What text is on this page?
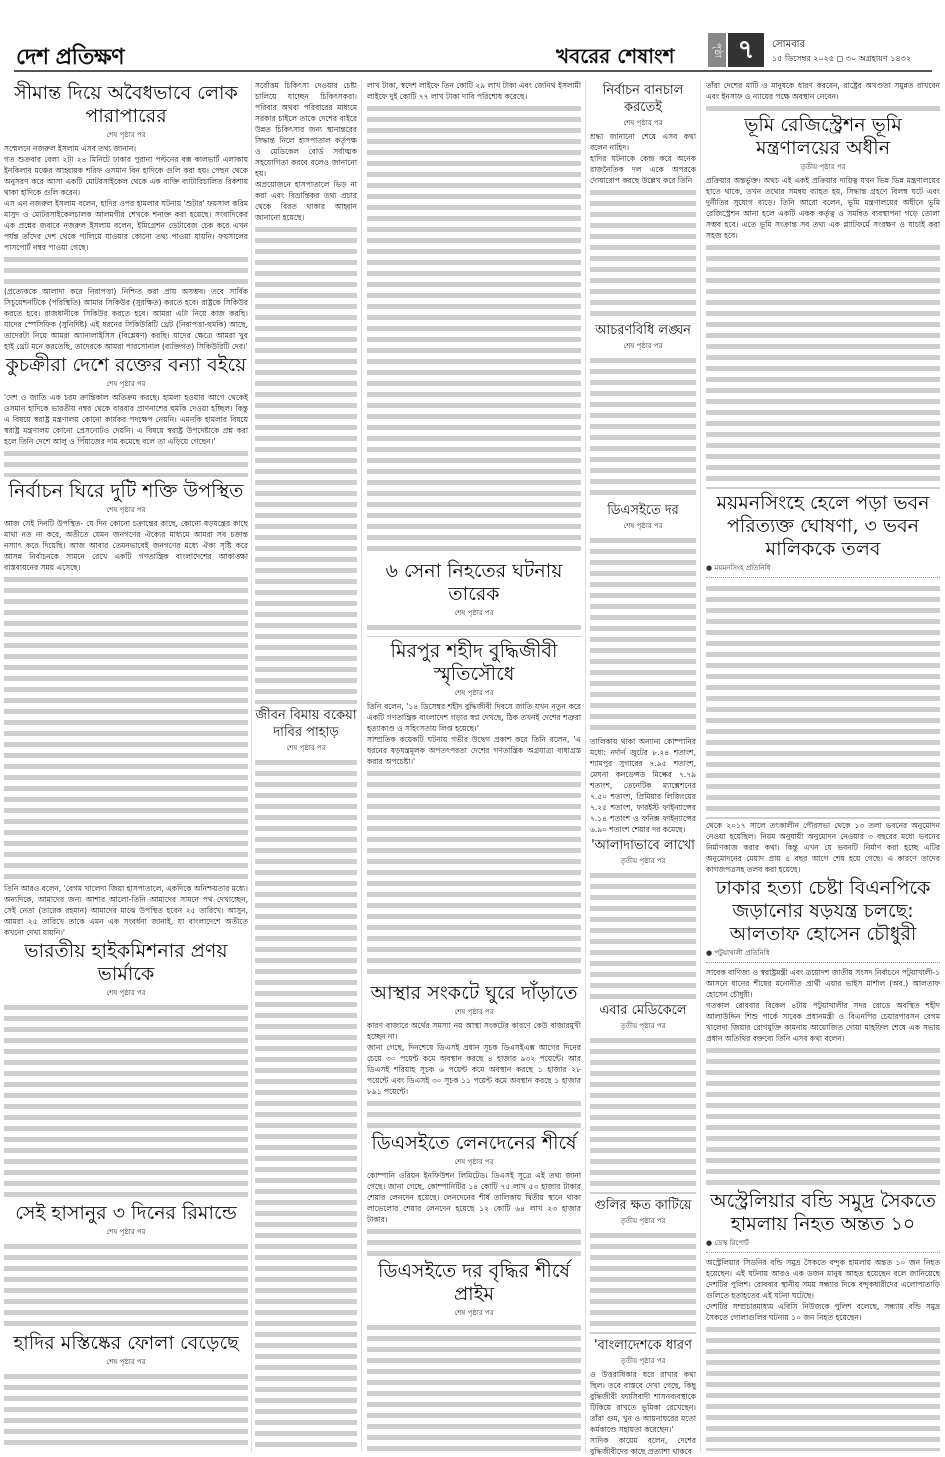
দেশ প্রতিক্ষণ	খবরের শেষাংশ	পৃষ্ঠা ৭	সোমবার
১৫ ডিসেম্বর ২০২৫ ◻ ৩০ অগ্রহায়ণ ১৪৩২
সীমান্ত দিয়ে অবৈধভাবে লোক পারাপারের
শেষ পৃষ্ঠার পর

সম্মেলনে নজরুল ইসলাম এসব তথ্য জানান।

গত শুক্রবার বেলা ২টা ২৪ মিনিটে ঢাকার পুরানা পল্টনের বক্স কালভার্ট এলাকায় ইনকিলাব মঞ্চের আহ্বায়ক শরিফ ওসমান বিন হাদিকে গুলি করা হয়। পেছন থেকে অনুসরণ করে আসা একটি মোটরসাইকেল থেকে এক ব্যক্তি ব্যাটারিচালিত রিকশায় থাকা হাদিকে গুলি করেন।

এস এন নজরুল ইসলাম বলেন, হাদির ওপর হামলার ঘটনায় 'শুটার' ফয়সাল করিম মাসুদ ও মোটরসাইকেলচালক আলমগীর শেখকে শনাক্ত করা হয়েছে। সংবাদিকের এক প্রশ্নের জবাবে নজরুল ইসলাম বলেন, ইমিগ্রেশন ডেটাবেজ চেক করে এখন পর্যন্ত তাঁদের দেশ থেকে পালিয়ে যাওয়ার কোনো তথ্য পাওয়া যায়নি। ফয়সালের পাসপোর্ট নম্বর পাওয়া গেছে।

(প্রত্যেককে আলাদা করে নিরাপত্তা) নিশ্চিত করা প্রায় অসম্ভব। তবে সার্বিক সিচুয়েশনটিকে (পরিস্থিতি) আমার সিকিউর (সুরক্ষিত) করতে হবে। রাষ্ট্রকে সিকিউর করতে হবে। রাজধানীকে সিকিউর করতে হবে। আমরা এটা নিয়ে কাজ করছি। যাদের স্পেসিফিক (সুনির্দিষ্ট) এই ধরনের সিকিউরিটি থ্রেট (নিরাপত্তা-হুমকি) আছে, তাদেরটা নিয়ে আমরা অ্যানালাইসিস (বিশ্লেষণ) করছি। যাদের ক্ষেত্রে আমরা খুব হাই থ্রেট মনে করতেছি, তাদেরকে আমরা পারসোনাল (ব্যক্তিগত) সিকিউরিটি দেব।'

কুচক্রীরা দেশে রক্তের বন্যা বইয়ে
শেষ পৃষ্ঠার পর

'দেশ ও জাতি এক চরম ক্রান্তিকাল অতিক্রম করছে। হামলা হওয়ার আগে থেকেই ওসমান হাদিকে ভারতীয় নম্বর থেকে বারবার প্রাণনাশের হুমকি দেওয়া হচ্ছিল। কিন্তু এ বিষয়ে স্বরাষ্ট্র মন্ত্রণালয় কোনো কার্যকর পদক্ষেপ নেয়নি। এমনকি হামলার বিষয়ে স্বরাষ্ট্র মন্ত্রণালয় কোনো প্রেসনোটও দেয়নি। এ বিষয়ে স্বরাষ্ট্র উপদেষ্টাকে প্রশ্ন করা হলে তিনি দেশে আলু ও পিঁয়াজের দাম কমেছে বলে তা এড়িয়ে গেছেন।'

নির্বাচন ঘিরে দুটি শক্তি উপস্থিত
শেষ পৃষ্ঠার পর

আজ সেই দিনটি উপস্থিত- যে দিন কোনো চক্রান্তের কাছে, কোনো ষড়যন্ত্রের কাছে মাথা নত না করে, অতীতে যেমন জনগণের ঐক্যের মাধ্যমে আমরা সব চক্রান্ত নস্যাৎ করে দিয়েছি। আজ আবার তেমনভাবেই জনগণের মধ্যে ঐক্য সৃষ্টি করে আসন্ন নির্বাচনকে সামনে রেখে একটি গণতান্ত্রিক বাংলাদেশের আকাঙ্ক্ষা বাস্তবায়নের সময় এসেছে।

তিনি আরও বলেন, 'বেগম খালেদা জিয়া হাসপাতালে, একদিকে অনিশ্চয়তার মধ্যে। অন্যদিকে, আমাদের জন্য আশার আলো-তিনি আমাদের সামনে পথ দেখাচ্ছেন, সেই নেতা (তারেক রহমান) আমাদের মাঝে উপস্থিত হবেন ২৫ তারিখে। আসুন, আমরা ২৫ তারিখে তাকে এমন এক সংবর্ধনা জানাই, যা বাংলাদেশে অতীতে কখনো দেখা যায়নি।'

ভারতীয় হাইকমিশনার প্রণয় ভার্মাকে
শেষ পৃষ্ঠার পর
সেই হাসানুর ৩ দিনের রিমান্ডে
শেষ পৃষ্ঠার পর
হাদির মস্তিষ্কের ফোলা বেড়েছে
শেষ পৃষ্ঠার পর

সর্বোত্তম চিকিৎসা দেওয়ার চেষ্টা চালিয়ে যাচ্ছেন চিকিৎসকরা। পরিবার অথবা পরিবারের মাধ্যমে সরকার চাইলে তাকে দেশের বাইরে উন্নত চিকিৎসার জন্য স্থানান্তরের সিদ্ধান্ত নিলে হাসপাতাল কর্তৃপক্ষ ও মেডিকেল বোর্ড সর্বাত্মক সহযোগিতা করবে বলেও জানানো হয়।

অপ্রয়োজনে হাসপাতালে ভিড় না করা এবং বিভ্রান্তিকর তথ্য প্রচার থেকে বিরত থাকার আহ্বান জানানো হয়েছে।

জীবন বিমায় বকেয়া দাবির পাহাড়
শেষ পৃষ্ঠার পর

লাখ টাকা, স্বদেশ লাইফে তিন কোটি ২৯ লাখ টাকা এবং জেনিথ ইসলামী লাইফে দুই কোটি ৭৭ লাখ টাকা দাবি পরিশোধ করেছে।

৬ সেনা নিহতের ঘটনায় তারেক
শেষ পৃষ্ঠার পর
মিরপুর শহীদ বুদ্ধিজীবী স্মৃতিসৌধে
শেষ পৃষ্ঠার পর

তিনি বলেন, '১৪ ডিসেম্বর শহীদ বুদ্ধিজীবী দিবসে জাতি যখন নতুন করে একটি গণতান্ত্রিক বাংলাদেশ গড়ার স্বপ্ন দেখছে, ঠিক তখনই দেশের শত্রুরা হত্যাকাণ্ড ও সহিংসতায় লিপ্ত হয়েছে।'

সাম্প্রতিক কয়েকটি ঘটনায় গভীর উদ্বেগ প্রকাশ করে তিনি বলেন, 'এ ধরনের ষড়যন্ত্রমূলক অপতৎপরতা দেশের গণতান্ত্রিক অগ্রযাত্রা বাধাগ্রস্ত করার অপচেষ্টা।'

আস্থার সংকটে ঘুরে দাঁড়াতে
শেষ পৃষ্ঠার পর

কারণ বাজারে অর্থের সমস্যা নয় আস্থা সংকটের কারণে কেউ বাজারমুখী হচ্ছেন না।

জানা গেছে, দিনশেষে ডিএসই প্রধান সূচক ডিএসইএক্স আগের দিনের চেয়ে ৩০ পয়েন্ট কমে অবস্থান করছে ৪ হাজার ৯৩২ পয়েন্টে। আর ডিএসই শরিয়াহ সূচক ৬ পয়েন্ট কমে অবস্থান করছে ১ হাজার ২৮ পয়েন্টে এবং ডিএসই ৩০ সূচক ১১ পয়েন্ট কমে অবস্থান করছে ১ হাজার ৮৯১ পয়েন্টে।

ডিএসইতে লেনদেনের শীর্ষে
শেষ পৃষ্ঠার পর

কোম্পানি ওরিয়ন ইনফিউশন লিমিটেড। ডিএসই সূত্রে এই তথ্য জানা গেছে। জানা গেছে, কোম্পানিটির ১৪ কোটি ৭৫ লাখ ৫৩ হাজার টাকার শেয়ার লেনদেন হয়েছে। লেনদেনের শীর্ষ তালিকায় দ্বিতীয় স্থানে থাকা লাভেলোর শেয়ার লেনদেন হয়েছে ১২ কোটি ৬৪ লাখ ২৩ হাজার টাকার।

ডিএসইতে দর বৃদ্ধির শীর্ষে প্রাইম
শেষ পৃষ্ঠার পর
নির্বাচন বানচাল করতেই
শেষ পৃষ্ঠার পর

শ্রদ্ধা জানানো শেষে এসব কথা বলেন নাহিদ।

হাদির ঘটনাকে কেন্দ্র করে অনেক রাজনৈতিক দল একে অপরকে দোষারোপ করছে উল্লেখ করে তিনি

আচরণবিধি লঙ্ঘন
শেষ পৃষ্ঠার পর
ডিএসইতে দর
শেষ পৃষ্ঠার পর

তালিকায় থাকা অন্যান্য কোম্পানির মধ্যে: নর্দার্ন জুটের ৮.২৪ শতাংশ, শ্যামপুর সুগারের ৭.৯৫ শতাংশ, মেঘনা কনডেন্সড মিল্কের ৭.৭৯ শতাংশ, তেনেটিক ম্যাক্সেশনের ৭.৫০ শতাংশ, প্রিমিয়ার লিজিংয়ের ৭.২৫ শতাংশ, ফারইস্ট ফাইন্যান্সের ৭.১৪ শতাংশ ও ফনিক্স ফাইন্যান্সের ৬.৯০ শতাংশ শেয়ার দর কমেছে।

'আলাদাভাবে লাখো
তৃতীয় পৃষ্ঠার পর
এবার মেডিকেলে
তৃতীয় পৃষ্ঠার পর
গুলির ক্ষত কাটিয়ে
তৃতীয় পৃষ্ঠার পর
'বাংলাদেশকে ধারণ
তৃতীয় পৃষ্ঠার পর

ও উত্তরাধিকার ধরে রাখার কথা ছিল। তবে বাস্তবে দেখা গেছে, কিছু বুদ্ধিজীবী ফ্যাসিবাদী শাসনব্যবস্থাকে টিকিয়ে রাখতে ভূমিকা রেখেছেন। তাঁরা গুম, খুন ও আয়নাঘরের মতো কর্মকাণ্ডে সহায়তা করেছেন।'

সাদিক কায়েম বলেন, দেশের বুদ্ধিজীবীদের কাছে প্রত্যাশা থাকবে

তাঁরা দেশের মাটি ও মানুষকে ধারণ করবেন, রাষ্ট্রের অখণ্ডতা সমুন্নত রাখবেন এবং ইনসাফ ও ন্যায়ের পক্ষে অবস্থান নেবেন।

ভূমি রেজিস্ট্রেশন ভূমি মন্ত্রণালয়ের অধীন
তৃতীয় পৃষ্ঠার পর

প্রক্রিয়ার অন্তর্ভুক্ত। অথচ এই একই প্রক্রিয়ার দায়িত্ব যখন ভিন্ন ভিন্ন মন্ত্রণালয়ের হাতে থাকে, তখন তথ্যের সমন্বয় ব্যাহত হয়, সিদ্ধান্ত গ্রহণে বিলম্ব ঘটে এবং দুর্নীতির সুযোগ বাড়ে। তিনি আরো বলেন, ভূমি মন্ত্রণালয়ের অধীনে ভূমি রেজিস্ট্রেশন আনা হলে একটি একক কর্তৃত্ব ও সমন্বিত ব্যবস্থাপনা গড়ে তোলা সম্ভব হবে। এতে ভূমি সংক্রান্ত সব তথ্য এক প্ল্যাটফর্মে সংরক্ষণ ও যাচাই করা সহজ হবে।

ময়মনসিংহে হেলে পড়া ভবন পরিত্যক্ত ঘোষণা, ৩ ভবন মালিককে তলব
● ময়মনসিংহ প্রতিনিধি

থেকে ২০১৭ সালে তৎকালীন পৌরসভা থেকে ১৩ তলা ভবনের অনুমোদন নেওয়া হয়েছিল। নিয়ম অনুযায়ী অনুমোদন নেওয়ার ৩ বছরের মধ্যে ভবনের নির্মাণকাজ করার কথা। কিন্তু এখন যে ভবনটি নির্মাণ করা হচ্ছে এটির অনুমোদনের মেয়াদ প্রায় ৫ বছর আগে শেষ হয়ে গেছে। এ কারণে তাদের কাগজপত্রসহ তলব করা হয়েছে।

ঢাকার হত্যা চেষ্টা বিএনপিকে জড়ানোর ষড়যন্ত্র চলছে: আলতাফ হোসেন চৌধুরী
● পটুয়াখালী প্রতিনিধি

সাবেক বাণিজ্য ও স্বরাষ্ট্রমন্ত্রী এবং ত্রয়োদশ জাতীয় সংসদ নির্বাচনে পটুয়াখালী-১ আসনে ধানের শীষের মনোনীত প্রার্থী এয়ার ভাইস মার্শাল (অব.) আলতাফ হোসেন চৌধুরী।

গতকাল রোববার বিকেল ৪টায় পটুয়াখালীর সদর রোডে অবস্থিত শহীদ আলাউদ্দিন শিশু পার্কে সাবেক প্রধানমন্ত্রী ও বিএনপির চেয়ারপারসন বেগম খালেদা জিয়ার রোগমুক্তি কামনায় আয়োজিত দোয়া মাহফিল শেষে এক সভায় প্রধান অতিথির বক্তব্যে তিনি এসব কথা বলেন।

অস্ট্রেলিয়ার বন্ডি সমুদ্র সৈকতে হামলায় নিহত অন্তত ১০
● ডেস্ক রিপোর্ট

অস্ট্রেলিয়ার সিডনির বন্ডি সমুদ্র সৈকতে বন্দুক হামলায় অন্তত ১০ জন নিহত হয়েছেন। এই ঘটনায় আরও এক ডজন মানুষ আহত হয়েছেন বলে জানিয়েছে দেশটির পুলিশ। রোববার স্থানীয় সময় সন্ধ্যার দিকে বন্দুকধারীদের এলোপাতাড়ি গুলিতে হতাহতের এই ঘটনা ঘটেছে।

দেশটির সম্প্রচারমাধ্যম এবিসি নিউজকে পুলিশ বলেছে, সন্ধ্যায় বন্ডি সমুদ্র সৈকতে গোলাগুলির ঘটনায় ১০ জন নিহত হয়েছেন।
